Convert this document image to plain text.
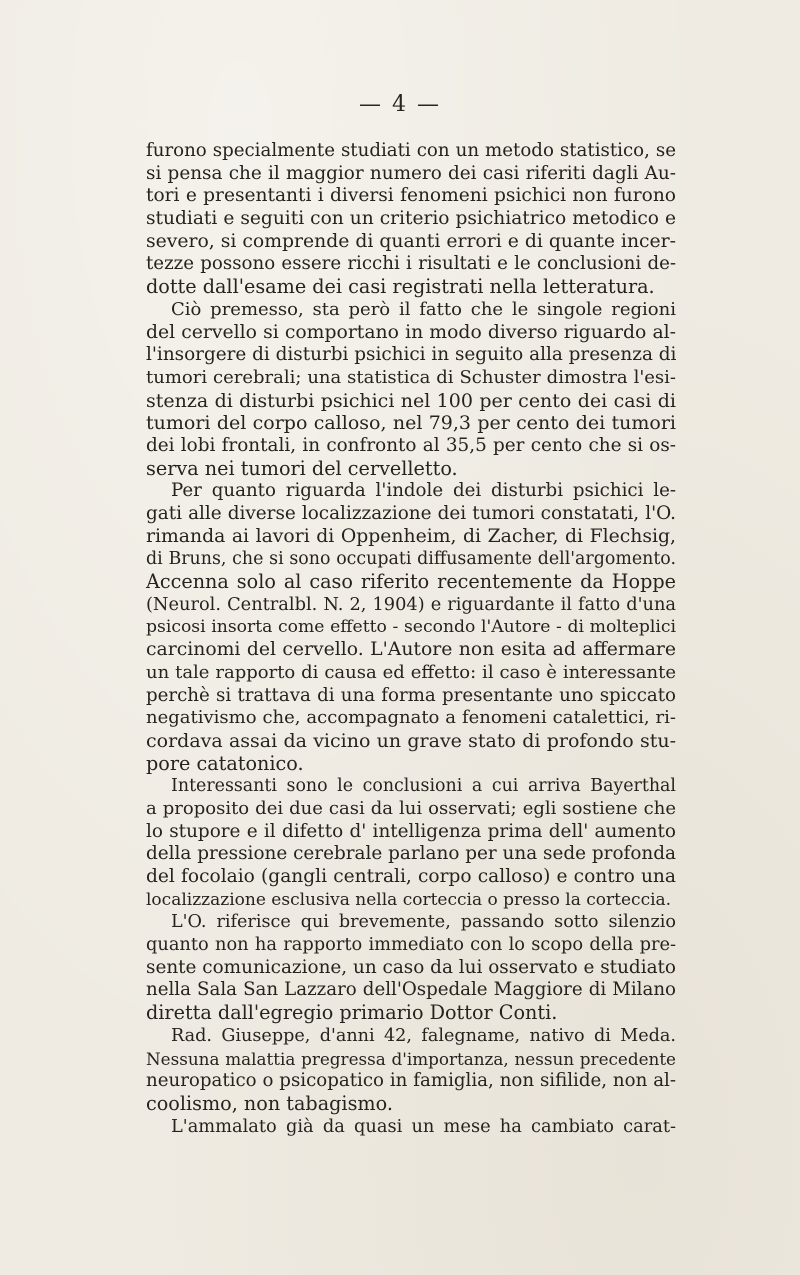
— 4 —
furono specialmente studiati con un metodo statistico, se
si pensa che il maggior numero dei casi riferiti dagli Au-
tori e presentanti i diversi fenomeni psichici non furono
studiati e seguiti con un criterio psichiatrico metodico e
severo, si comprende di quanti errori e di quante incer-
tezze possono essere ricchi i risultati e le conclusioni de-
dotte dall'esame dei casi registrati nella letteratura.
Ciò premesso, sta però il fatto che le singole regioni
del cervello si comportano in modo diverso riguardo al-
l'insorgere di disturbi psichici in seguito alla presenza di
tumori cerebrali; una statistica di Schuster dimostra l'esi-
stenza di disturbi psichici nel 100 per cento dei casi di
tumori del corpo calloso, nel 79,3 per cento dei tumori
dei lobi frontali, in confronto al 35,5 per cento che si os-
serva nei tumori del cervelletto.
Per quanto riguarda l'indole dei disturbi psichici le-
gati alle diverse localizzazione dei tumori constatati, l'O.
rimanda ai lavori di Oppenheim, di Zacher, di Flechsig,
di Bruns, che si sono occupati diffusamente dell'argomento.
Accenna solo al caso riferito recentemente da Hoppe
(Neurol. Centralbl. N. 2, 1904) e riguardante il fatto d'una
psicosi insorta come effetto - secondo l'Autore - di molteplici
carcinomi del cervello. L'Autore non esita ad affermare
un tale rapporto di causa ed effetto: il caso è interessante
perchè si trattava di una forma presentante uno spiccato
negativismo che, accompagnato a fenomeni catalettici, ri-
cordava assai da vicino un grave stato di profondo stu-
pore catatonico.
Interessanti sono le conclusioni a cui arriva Bayerthal
a proposito dei due casi da lui osservati; egli sostiene che
lo stupore e il difetto d' intelligenza prima dell' aumento
della pressione cerebrale parlano per una sede profonda
del focolaio (gangli centrali, corpo calloso) e contro una
localizzazione esclusiva nella corteccia o presso la corteccia.
L'O. riferisce qui brevemente, passando sotto silenzio
quanto non ha rapporto immediato con lo scopo della pre-
sente comunicazione, un caso da lui osservato e studiato
nella Sala San Lazzaro dell'Ospedale Maggiore di Milano
diretta dall'egregio primario Dottor Conti.
Rad. Giuseppe, d'anni 42, falegname, nativo di Meda.
Nessuna malattia pregressa d'importanza, nessun precedente
neuropatico o psicopatico in famiglia, non sifilide, non al-
coolismo, non tabagismo.
L'ammalato già da quasi un mese ha cambiato carat-
